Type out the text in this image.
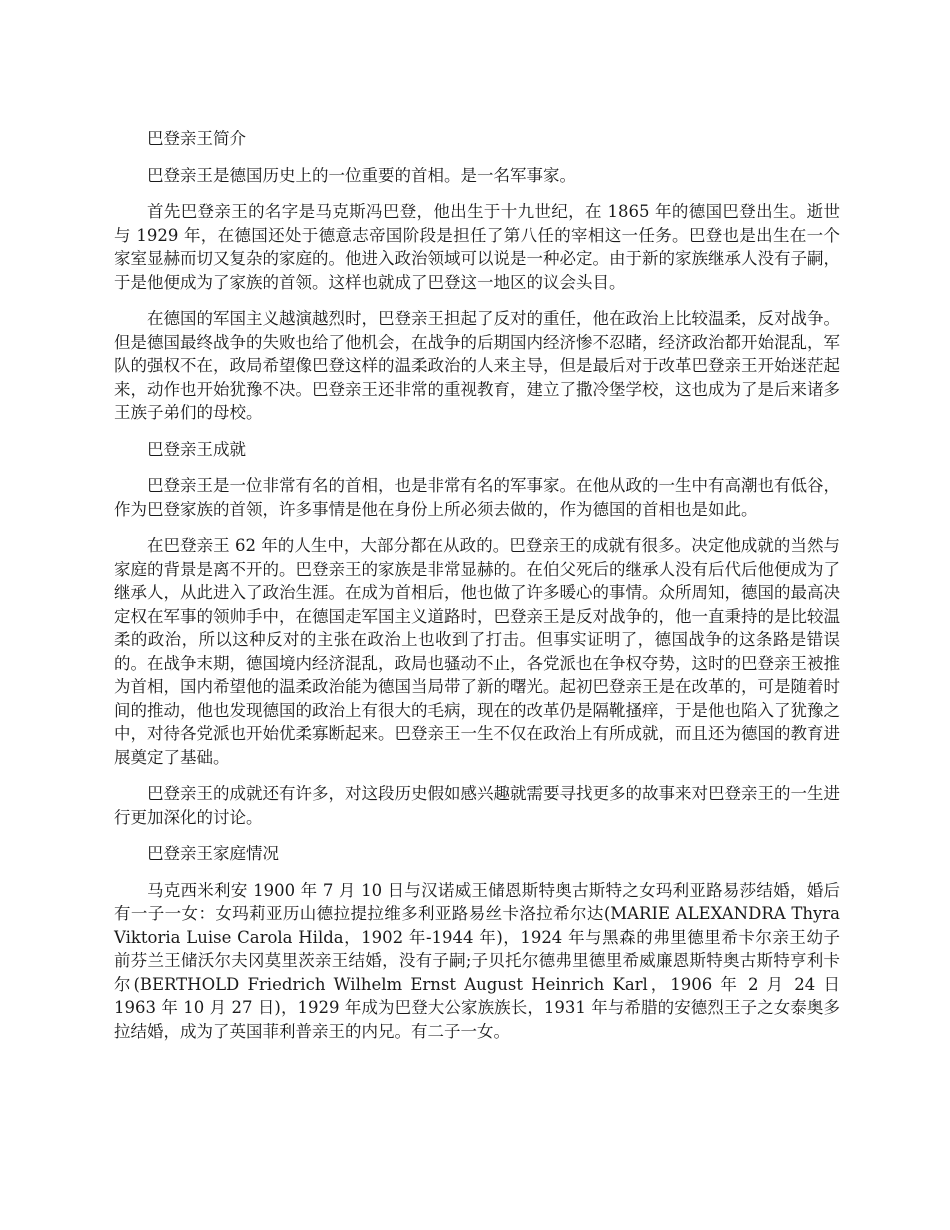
巴登亲王简介

巴登亲王是德国历史上的一位重要的首相。是一名军事家。

首先巴登亲王的名字是马克斯冯巴登，他出生于十九世纪，在 1865 年的德国巴登出生。逝世与 1929 年，在德国还处于德意志帝国阶段是担任了第八任的宰相这一任务。巴登也是出生在一个家室显赫而切又复杂的家庭的。他进入政治领域可以说是一种必定。由于新的家族继承人没有子嗣，于是他便成为了家族的首领。这样也就成了巴登这一地区的议会头目。

在德国的军国主义越演越烈时，巴登亲王担起了反对的重任，他在政治上比较温柔，反对战争。但是德国最终战争的失败也给了他机会，在战争的后期国内经济惨不忍睹，经济政治都开始混乱，军队的强权不在，政局希望像巴登这样的温柔政治的人来主导，但是最后对于改革巴登亲王开始迷茫起来，动作也开始犹豫不决。巴登亲王还非常的重视教育，建立了撒冷堡学校，这也成为了是后来诸多王族子弟们的母校。

巴登亲王成就

巴登亲王是一位非常有名的首相，也是非常有名的军事家。在他从政的一生中有高潮也有低谷，作为巴登家族的首领，许多事情是他在身份上所必须去做的，作为德国的首相也是如此。

在巴登亲王 62 年的人生中，大部分都在从政的。巴登亲王的成就有很多。决定他成就的当然与家庭的背景是离不开的。巴登亲王的家族是非常显赫的。在伯父死后的继承人没有后代后他便成为了继承人，从此进入了政治生涯。在成为首相后，他也做了许多暖心的事情。众所周知，德国的最高决定权在军事的领帅手中，在德国走军国主义道路时，巴登亲王是反对战争的，他一直秉持的是比较温柔的政治，所以这种反对的主张在政治上也收到了打击。但事实证明了，德国战争的这条路是错误的。在战争末期，德国境内经济混乱，政局也骚动不止，各党派也在争权夺势，这时的巴登亲王被推为首相，国内希望他的温柔政治能为德国当局带了新的曙光。起初巴登亲王是在改革的，可是随着时间的推动，他也发现德国的政治上有很大的毛病，现在的改革仍是隔靴搔痒，于是他也陷入了犹豫之中，对待各党派也开始优柔寡断起来。巴登亲王一生不仅在政治上有所成就，而且还为德国的教育进展奠定了基础。

巴登亲王的成就还有许多，对这段历史假如感兴趣就需要寻找更多的故事来对巴登亲王的一生进行更加深化的讨论。

巴登亲王家庭情况

马克西米利安 1900 年 7 月 10 日与汉诺威王储恩斯特奥古斯特之女玛利亚路易莎结婚，婚后有一子一女：女玛莉亚历山德拉提拉维多利亚路易丝卡洛拉希尔达(MARIE ALEXANDRA Thyra Viktoria Luise Carola Hilda，1902 年-1944 年)，1924 年与黑森的弗里德里希卡尔亲王幼子前芬兰王储沃尔夫冈莫里茨亲王结婚，没有子嗣;子贝托尔德弗里德里希威廉恩斯特奥古斯特亨利卡尔(BERTHOLD Friedrich Wilhelm Ernst August Heinrich Karl，1906 年 2 月 24 日 1963 年 10 月 27 日)，1929 年成为巴登大公家族族长，1931 年与希腊的安德烈王子之女泰奥多拉结婚，成为了英国菲利普亲王的内兄。有二子一女。
